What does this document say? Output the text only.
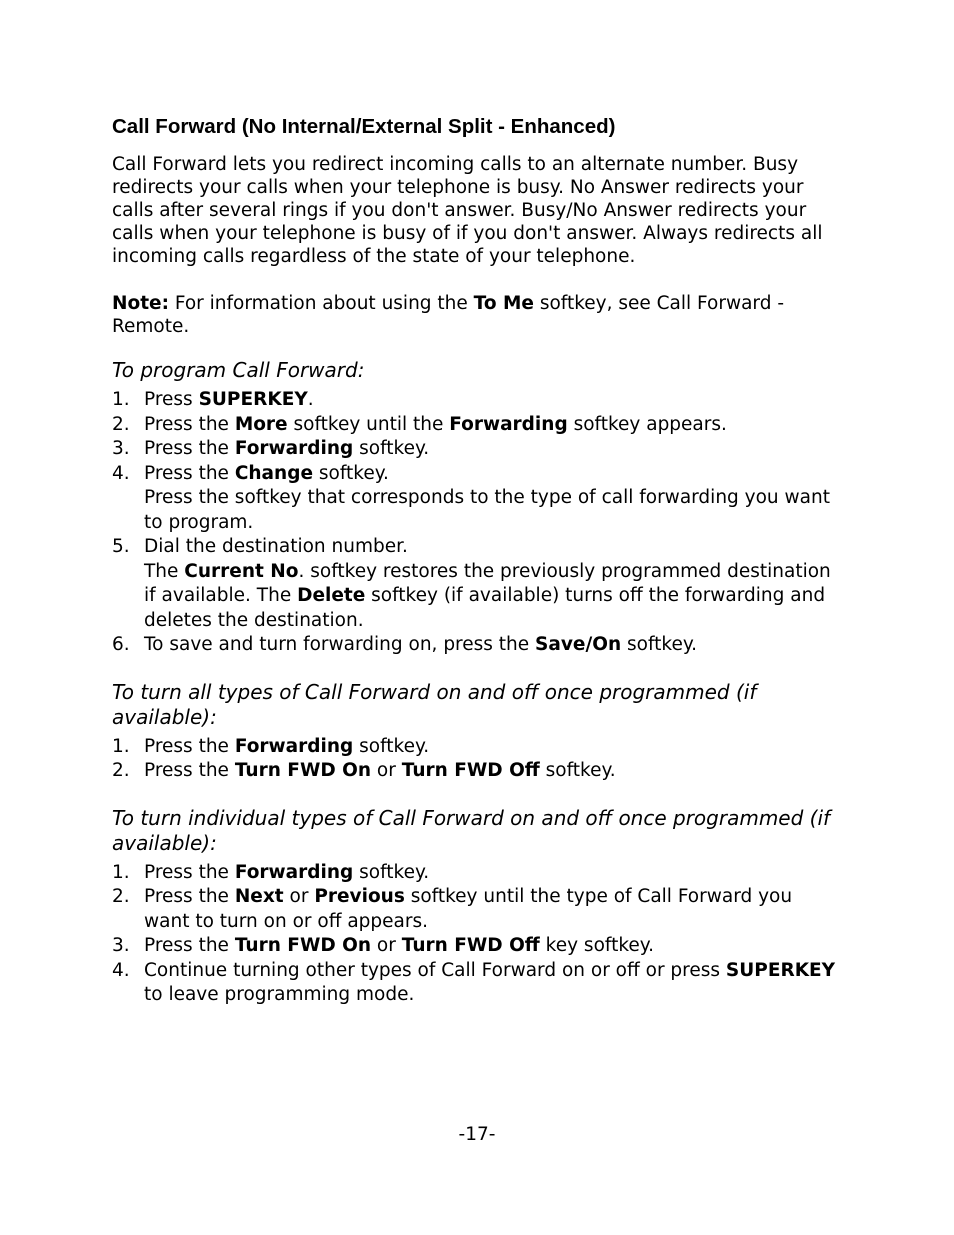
Call Forward (No Internal/External Split - Enhanced)

Call Forward lets you redirect incoming calls to an alternate number. Busy redirects your calls when your telephone is busy. No Answer redirects your calls after several rings if you don't answer. Busy/No Answer redirects your calls when your telephone is busy of if you don't answer. Always redirects all incoming calls regardless of the state of your telephone.

Note: For information about using the To Me softkey, see Call Forward - Remote.

To program Call Forward:

1. Press SUPERKEY.
2. Press the More softkey until the Forwarding softkey appears.
3. Press the Forwarding softkey.
4. Press the Change softkey.
Press the softkey that corresponds to the type of call forwarding you want to program.
5. Dial the destination number.
The Current No. softkey restores the previously programmed destination if available. The Delete softkey (if available) turns off the forwarding and deletes the destination.
6. To save and turn forwarding on, press the Save/On softkey.

To turn all types of Call Forward on and off once programmed (if available):

1. Press the Forwarding softkey.
2. Press the Turn FWD On or Turn FWD Off softkey.

To turn individual types of Call Forward on and off once programmed (if available):

1. Press the Forwarding softkey.
2. Press the Next or Previous softkey until the type of Call Forward you want to turn on or off appears.
3. Press the Turn FWD On or Turn FWD Off key softkey.
4. Continue turning other types of Call Forward on or off or press SUPERKEY to leave programming mode.
-17-
